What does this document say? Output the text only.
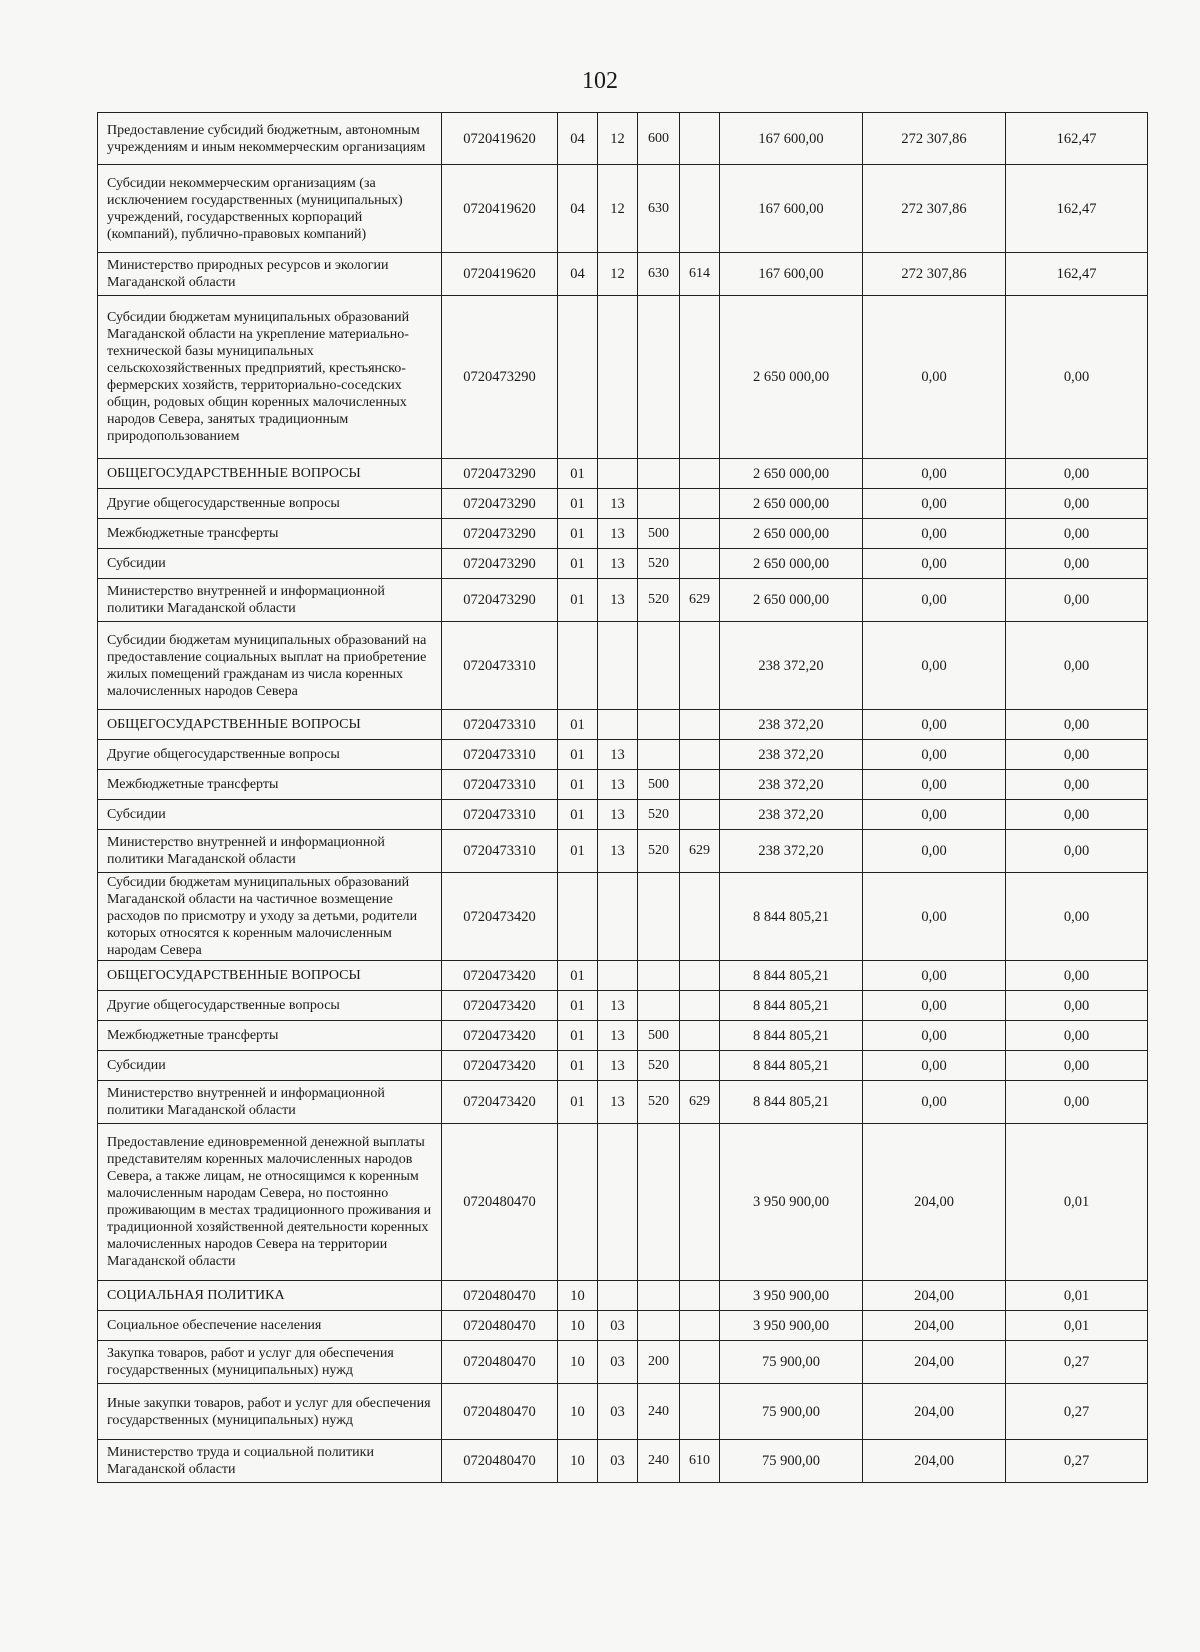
102
Предоставление субсидий бюджетным, автономным учреждениям и иным некоммерческим организациям	0720419620	04	12	600		167 600,00	272 307,86	162,47
Субсидии некоммерческим организациям (за исключением государственных (муниципальных) учреждений, государственных корпораций (компаний), публично-правовых компаний)	0720419620	04	12	630		167 600,00	272 307,86	162,47
Министерство природных ресурсов и экологии Магаданской области	0720419620	04	12	630	614	167 600,00	272 307,86	162,47
Субсидии бюджетам муниципальных образований Магаданской области на укрепление материально-технической базы муниципальных сельскохозяйственных предприятий, крестьянско-фермерских хозяйств, территориально-соседских общин, родовых общин коренных малочисленных народов Севера, занятых традиционным природопользованием	0720473290					2 650 000,00	0,00	0,00
ОБЩЕГОСУДАРСТВЕННЫЕ ВОПРОСЫ	0720473290	01				2 650 000,00	0,00	0,00
Другие общегосударственные вопросы	0720473290	01	13			2 650 000,00	0,00	0,00
Межбюджетные трансферты	0720473290	01	13	500		2 650 000,00	0,00	0,00
Субсидии	0720473290	01	13	520		2 650 000,00	0,00	0,00
Министерство внутренней и информационной политики Магаданской области	0720473290	01	13	520	629	2 650 000,00	0,00	0,00
Субсидии бюджетам муниципальных образований на предоставление социальных выплат на приобретение жилых помещений гражданам из числа коренных малочисленных народов Севера	0720473310					238 372,20	0,00	0,00
ОБЩЕГОСУДАРСТВЕННЫЕ ВОПРОСЫ	0720473310	01				238 372,20	0,00	0,00
Другие общегосударственные вопросы	0720473310	01	13			238 372,20	0,00	0,00
Межбюджетные трансферты	0720473310	01	13	500		238 372,20	0,00	0,00
Субсидии	0720473310	01	13	520		238 372,20	0,00	0,00
Министерство внутренней и информационной политики Магаданской области	0720473310	01	13	520	629	238 372,20	0,00	0,00
Субсидии бюджетам муниципальных образований Магаданской области на частичное возмещение расходов по присмотру и уходу за детьми, родители которых относятся к коренным малочисленным народам Севера	0720473420					8 844 805,21	0,00	0,00
ОБЩЕГОСУДАРСТВЕННЫЕ ВОПРОСЫ	0720473420	01				8 844 805,21	0,00	0,00
Другие общегосударственные вопросы	0720473420	01	13			8 844 805,21	0,00	0,00
Межбюджетные трансферты	0720473420	01	13	500		8 844 805,21	0,00	0,00
Субсидии	0720473420	01	13	520		8 844 805,21	0,00	0,00
Министерство внутренней и информационной политики Магаданской области	0720473420	01	13	520	629	8 844 805,21	0,00	0,00
Предоставление единовременной денежной выплаты представителям коренных малочисленных народов Севера, а также лицам, не относящимся к коренным малочисленным народам Севера, но постоянно проживающим в местах традиционного проживания и традиционной хозяйственной деятельности коренных малочисленных народов Севера на территории Магаданской области	0720480470					3 950 900,00	204,00	0,01
СОЦИАЛЬНАЯ ПОЛИТИКА	0720480470	10				3 950 900,00	204,00	0,01
Социальное обеспечение населения	0720480470	10	03			3 950 900,00	204,00	0,01
Закупка товаров, работ и услуг для обеспечения государственных (муниципальных) нужд	0720480470	10	03	200		75 900,00	204,00	0,27
Иные закупки товаров, работ и услуг для обеспечения государственных (муниципальных) нужд	0720480470	10	03	240		75 900,00	204,00	0,27
Министерство труда и социальной политики Магаданской области	0720480470	10	03	240	610	75 900,00	204,00	0,27
